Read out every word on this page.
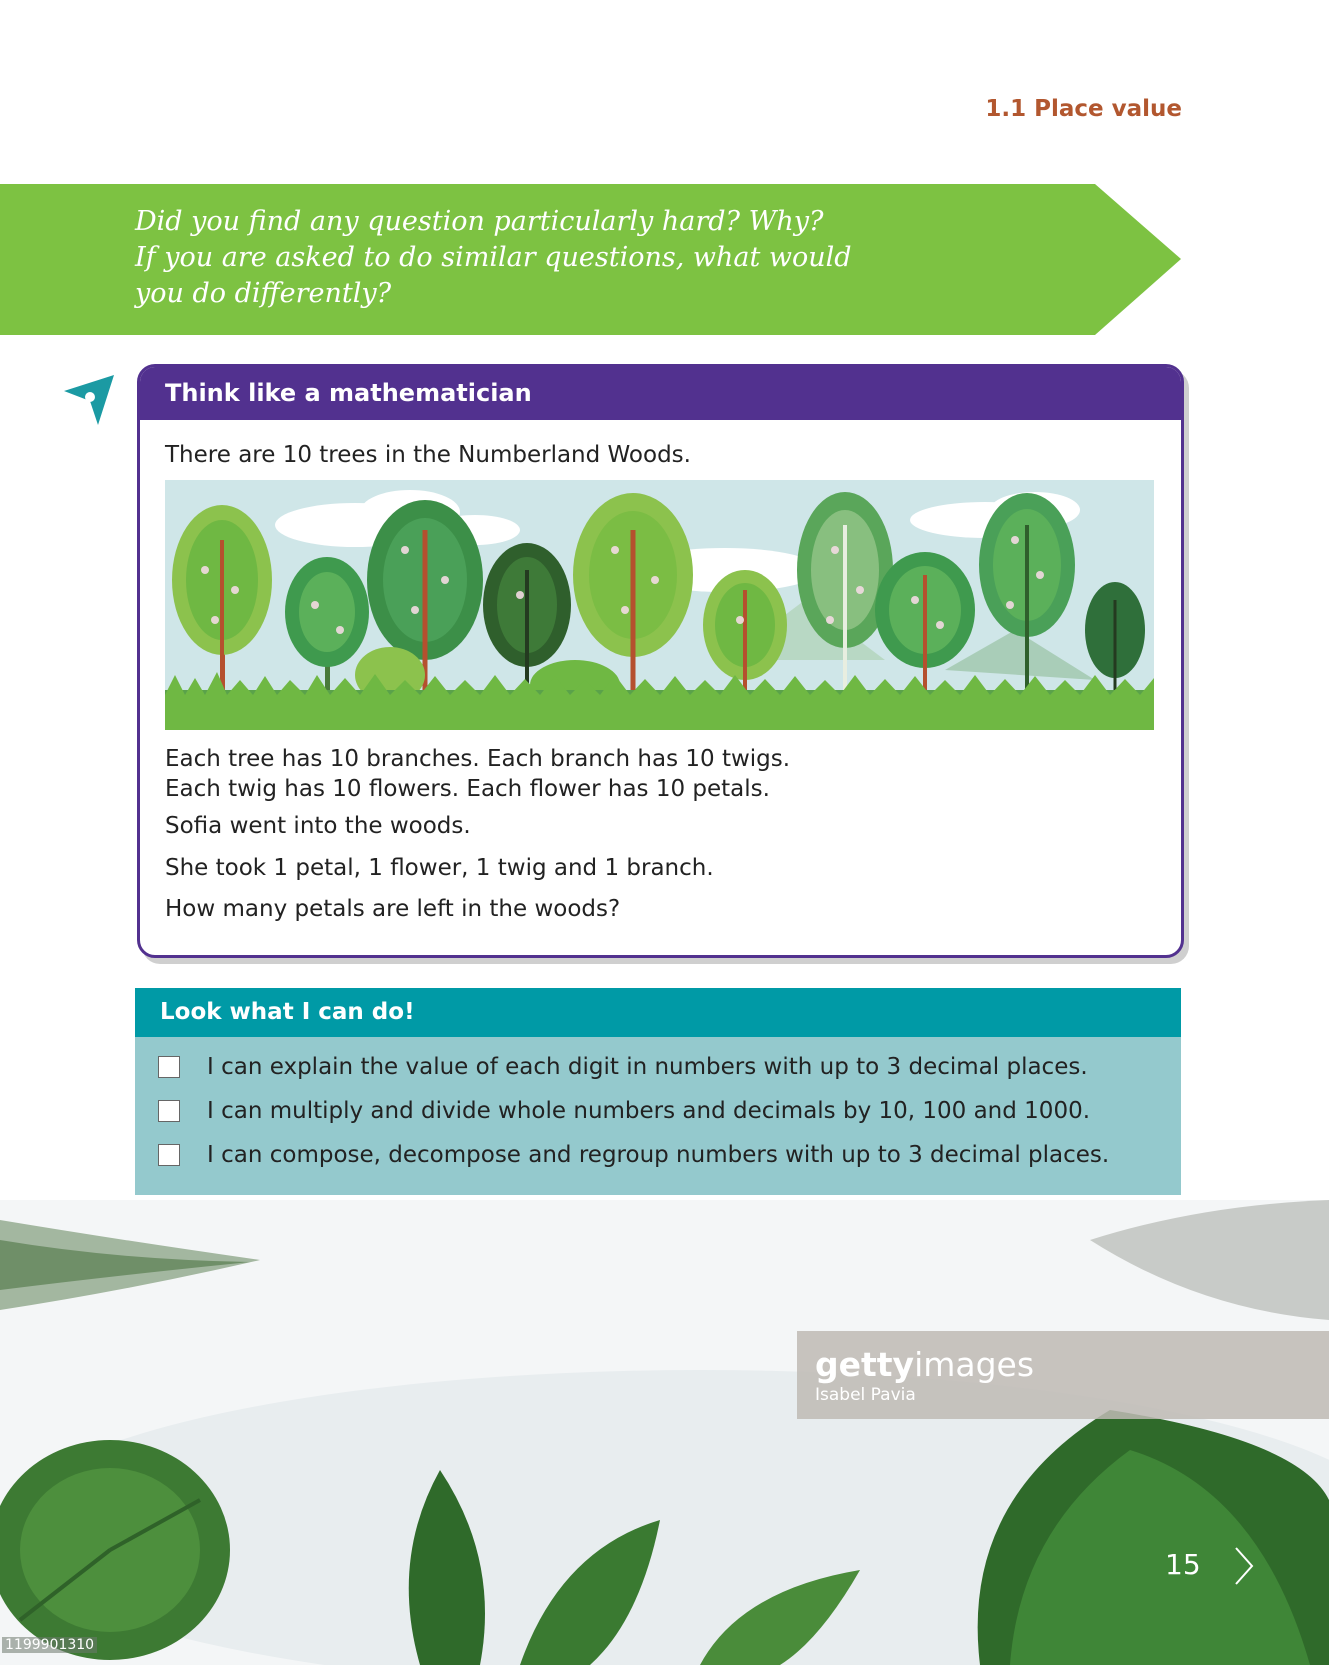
1.1 Place value
Did you find any question particularly hard? Why?
If you are asked to do similar questions, what would
you do differently?
Think like a mathematician
There are 10 trees in the Numberland Woods.
Each tree has 10 branches. Each branch has 10 twigs.
Each twig has 10 flowers. Each flower has 10 petals.
Sofia went into the woods.
She took 1 petal, 1 flower, 1 twig and 1 branch.
How many petals are left in the woods?
Look what I can do!
I can explain the value of each digit in numbers with up to 3 decimal places.
I can multiply and divide whole numbers and decimals by 10, 100 and 1000.
I can compose, decompose and regroup numbers with up to 3 decimal places.
gettyimages
Isabel Pavia
15
1199901310
